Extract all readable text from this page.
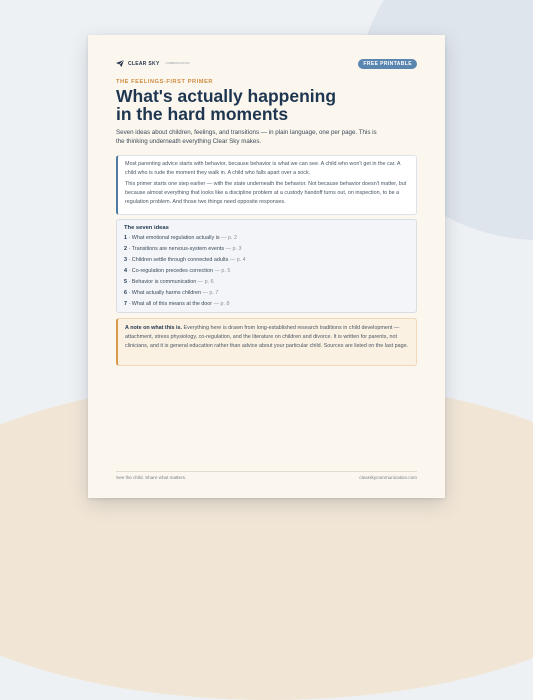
CLEAR SKY COMMUNICATION	FREE PRINTABLE
THE FEELINGS-FIRST PRIMER
What's actually happening
in the hard moments

Seven ideas about children, feelings, and transitions — in plain language, one per page. This is the thinking underneath everything Clear Sky makes.

Most parenting advice starts with behavior, because behavior is what we can see. A child who won't get in the car. A child who is rude the moment they walk in. A child who falls apart over a sock.

This primer starts one step earlier — with the state underneath the behavior. Not because behavior doesn't matter, but because almost everything that looks like a discipline problem at a custody handoff turns out, on inspection, to be a regulation problem. And those two things need opposite responses.

The seven ideas
1 · What emotional regulation actually is — p. 2
2 · Transitions are nervous-system events — p. 3
3 · Children settle through connected adults — p. 4
4 · Co-regulation precedes correction — p. 5
5 · Behavior is communication — p. 6
6 · What actually harms children — p. 7
7 · What all of this means at the door — p. 8
A note on what this is. Everything here is drawn from long-established research traditions in child development — attachment, stress physiology, co-regulation, and the literature on children and divorce. It is written for parents, not clinicians, and it is general education rather than advice about your particular child. Sources are listed on the last page.
See the child. Share what matters.	clearskycommunication.com
